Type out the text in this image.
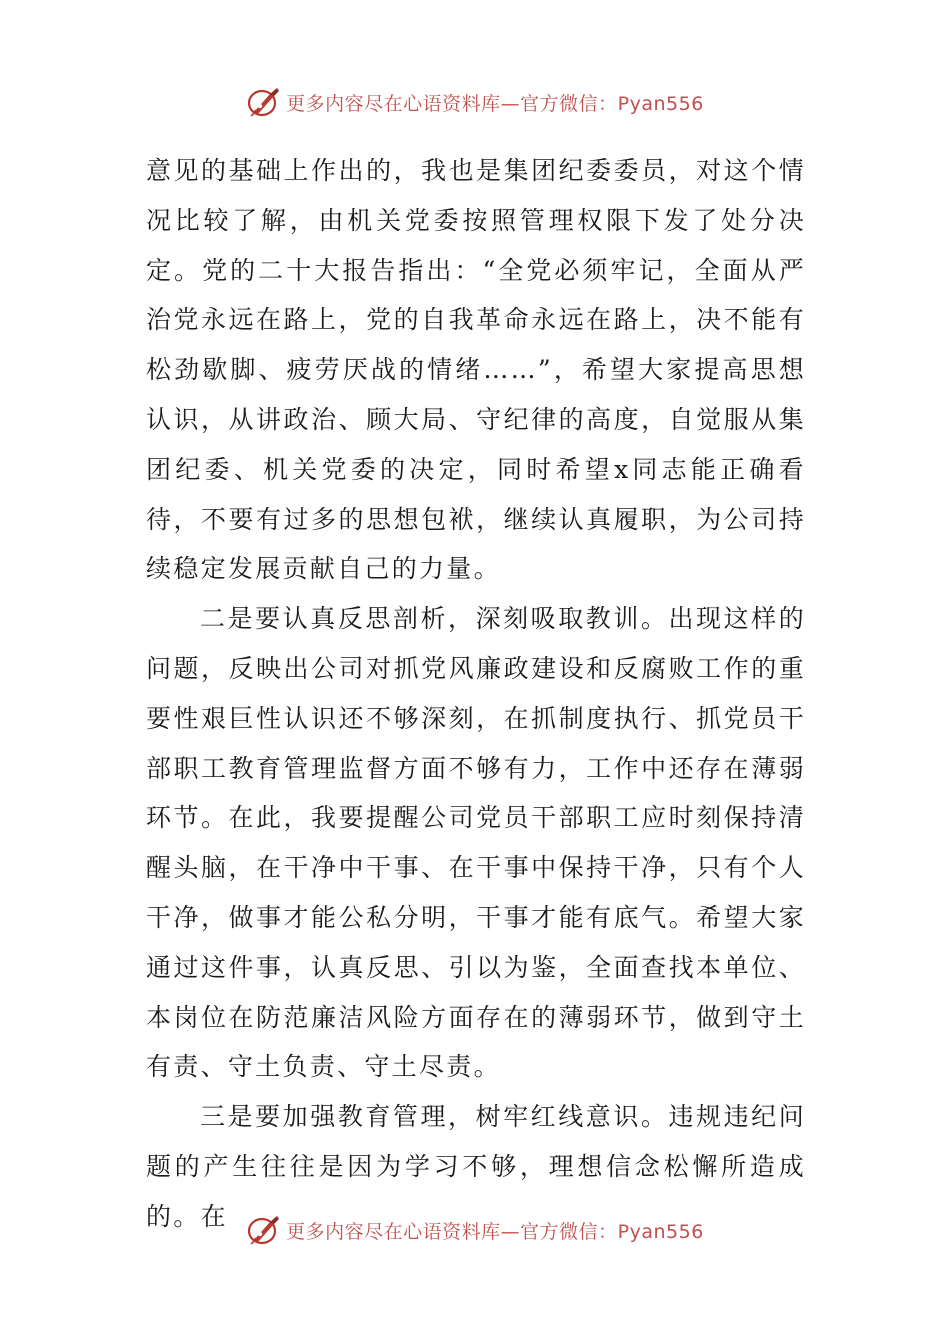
更多内容尽在心语资料库—官方微信：Pyan556

意见的基础上作出的，我也是集团纪委委员，对这个情况比较了解，由机关党委按照管理权限下发了处分决定。党的二十大报告指出：“全党必须牢记，全面从严治党永远在路上，党的自我革命永远在路上，决不能有松劲歇脚、疲劳厌战的情绪……”，希望大家提高思想认识，从讲政治、顾大局、守纪律的高度，自觉服从集团纪委、机关党委的决定，同时希望x同志能正确看待，不要有过多的思想包袱，继续认真履职，为公司持续稳定发展贡献自己的力量。

二是要认真反思剖析，深刻吸取教训。出现这样的问题，反映出公司对抓党风廉政建设和反腐败工作的重要性艰巨性认识还不够深刻，在抓制度执行、抓党员干部职工教育管理监督方面不够有力，工作中还存在薄弱环节。在此，我要提醒公司党员干部职工应时刻保持清醒头脑，在干净中干事、在干事中保持干净，只有个人干净，做事才能公私分明，干事才能有底气。希望大家通过这件事，认真反思、引以为鉴，全面查找本单位、本岗位在防范廉洁风险方面存在的薄弱环节，做到守土有责、守土负责、守土尽责。

三是要加强教育管理，树牢红线意识。违规违纪问题的产生往往是因为学习不够，理想信念松懈所造成的。在

更多内容尽在心语资料库—官方微信：Pyan556
